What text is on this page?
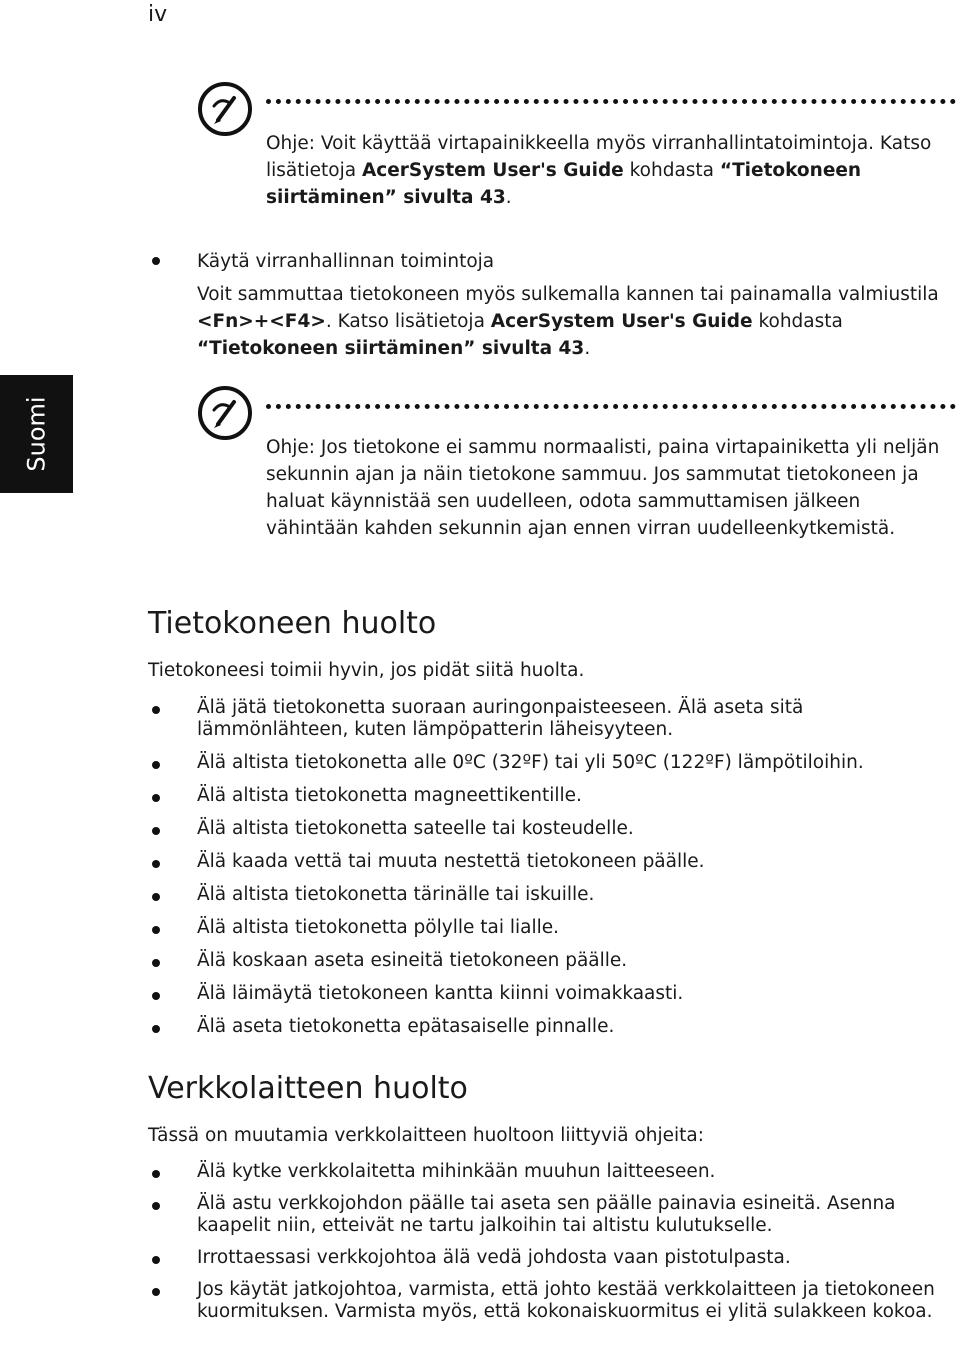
iv
Suomi
Ohje: Voit käyttää virtapainikkeella myös virranhallintatoimintoja. Katso lisätietoja AcerSystem User's Guide kohdasta “Tietokoneen siirtäminen” sivulta 43.
Käytä virranhallinnan toimintoja
Voit sammuttaa tietokoneen myös sulkemalla kannen tai painamalla valmiustila <Fn>+<F4>. Katso lisätietoja AcerSystem User's Guide kohdasta “Tietokoneen siirtäminen” sivulta 43.
Ohje: Jos tietokone ei sammu normaalisti, paina virtapainiketta yli neljän sekunnin ajan ja näin tietokone sammuu. Jos sammutat tietokoneen ja haluat käynnistää sen uudelleen, odota sammuttamisen jälkeen vähintään kahden sekunnin ajan ennen virran uudelleenkytkemistä.
Tietokoneen huolto
Tietokoneesi toimii hyvin, jos pidät siitä huolta.
Älä jätä tietokonetta suoraan auringonpaisteeseen. Älä aseta sitä lämmönlähteen, kuten lämpöpatterin läheisyyteen.
Älä altista tietokonetta alle 0ºC (32ºF) tai yli 50ºC (122ºF) lämpötiloihin.
Älä altista tietokonetta magneettikentille.
Älä altista tietokonetta sateelle tai kosteudelle.
Älä kaada vettä tai muuta nestettä tietokoneen päälle.
Älä altista tietokonetta tärinälle tai iskuille.
Älä altista tietokonetta pölylle tai lialle.
Älä koskaan aseta esineitä tietokoneen päälle.
Älä läimäytä tietokoneen kantta kiinni voimakkaasti.
Älä aseta tietokonetta epätasaiselle pinnalle.
Verkkolaitteen huolto
Tässä on muutamia verkkolaitteen huoltoon liittyviä ohjeita:
Älä kytke verkkolaitetta mihinkään muuhun laitteeseen.
Älä astu verkkojohdon päälle tai aseta sen päälle painavia esineitä. Asenna kaapelit niin, etteivät ne tartu jalkoihin tai altistu kulutukselle.
Irrottaessasi verkkojohtoa älä vedä johdosta vaan pistotulpasta.
Jos käytät jatkojohtoa, varmista, että johto kestää verkkolaitteen ja tietokoneen kuormituksen. Varmista myös, että kokonaiskuormitus ei ylitä sulakkeen kokoa.
